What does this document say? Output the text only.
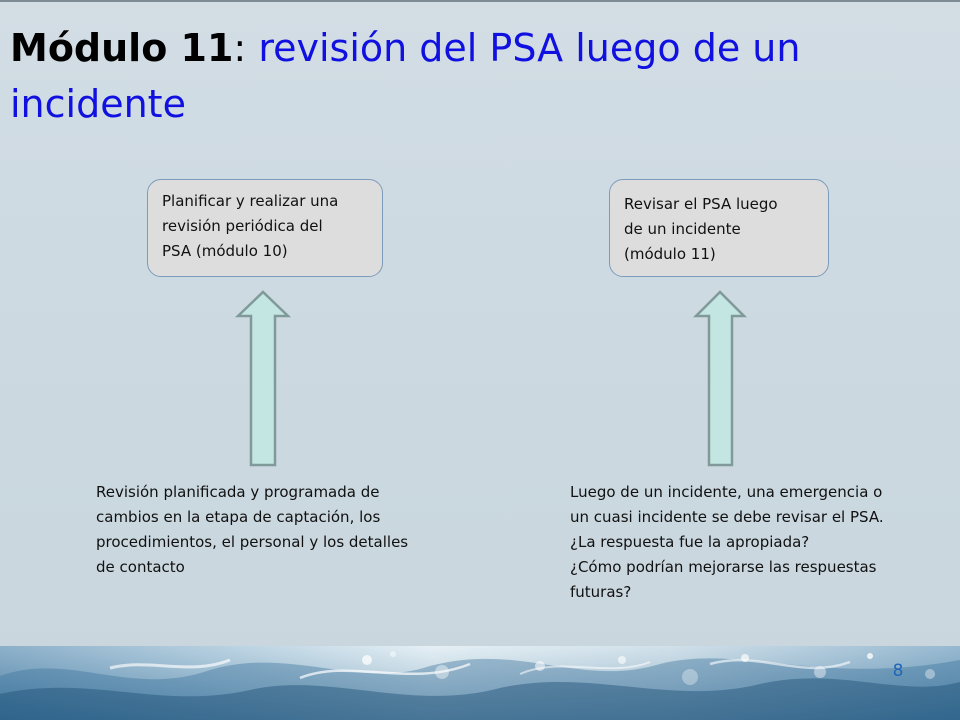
Módulo 11: revisión del PSA luego de un incidente
Planificar y realizar una
revisión periódica del
PSA (módulo 10)
Revisar el PSA luego
de un incidente
(módulo 11)

Revisión planificada y programada de
cambios en la etapa de captación, los
procedimientos, el personal y los detalles
de contacto

Luego de un incidente, una emergencia o
un cuasi incidente se debe revisar el PSA.
¿La respuesta fue la apropiada?
¿Cómo podrían mejorarse las respuestas
futuras?

8
